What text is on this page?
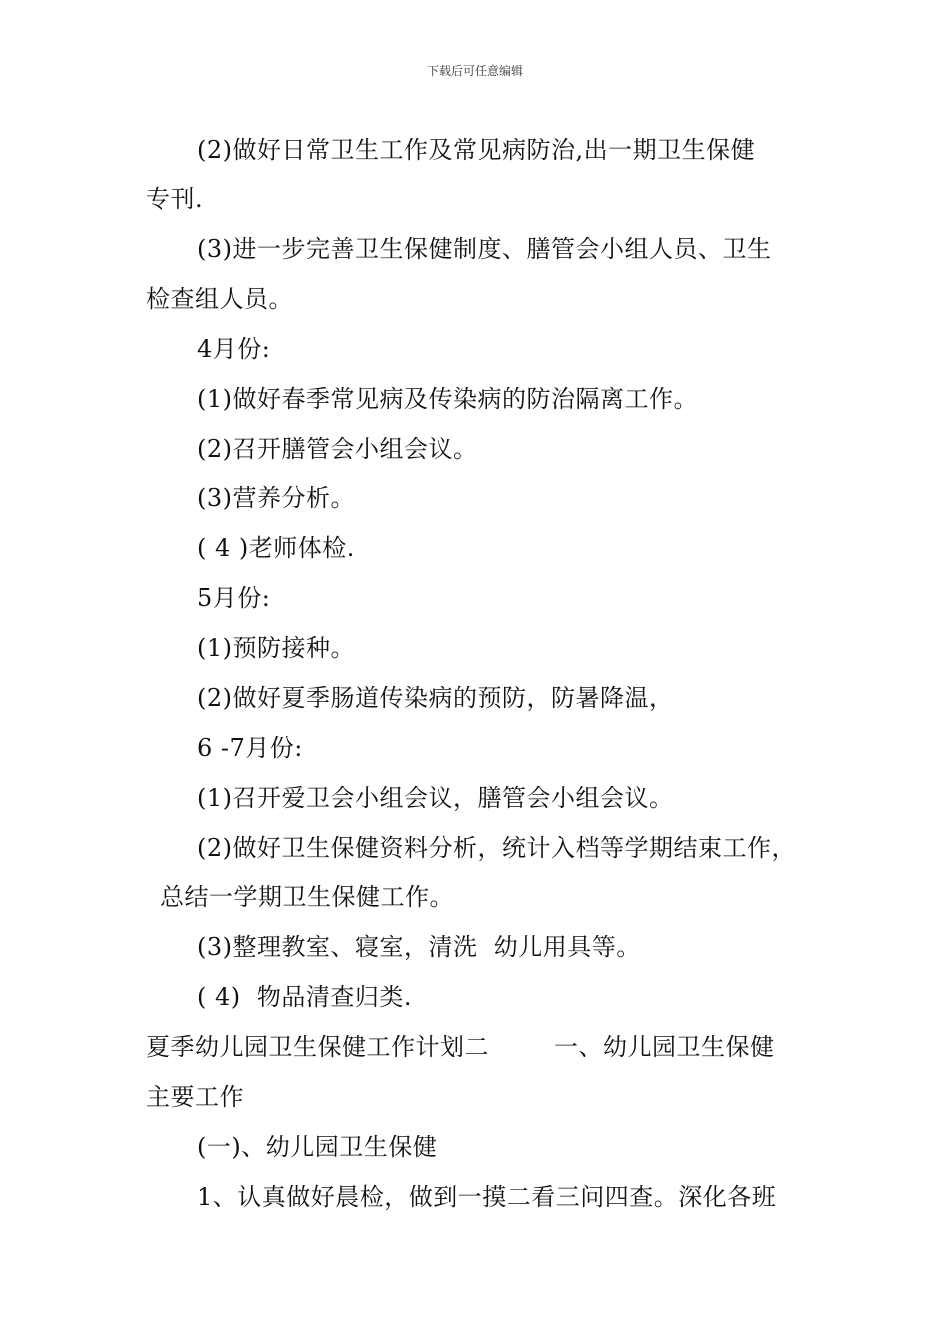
下载后可任意编辑
(2)做好日常卫生工作及常见病防治,出一期卫生保健
专刊.
(3)进一步完善卫生保健制度、膳管会小组人员、卫生
检查组人员。
4月份:
(1)做好春季常见病及传染病的防治隔离工作。
(2)召开膳管会小组会议。
(3)营养分析。
( 4 )老师体检.
5月份:
(1)预防接种。
(2)做好夏季肠道传染病的预防，防暑降温，
6 -7月份:
(1)召开爱卫会小组会议，膳管会小组会议。
(2)做好卫生保健资料分析，统计入档等学期结束工作，
总结一学期卫生保健工作。
(3)整理教室、寝室，清洗  幼儿用具等。
( 4)  物品清查归类.
夏季幼儿园卫生保健工作计划二        一、幼儿园卫生保健
主要工作
(一)、幼儿园卫生保健
1、认真做好晨检，做到一摸二看三问四查。深化各班
